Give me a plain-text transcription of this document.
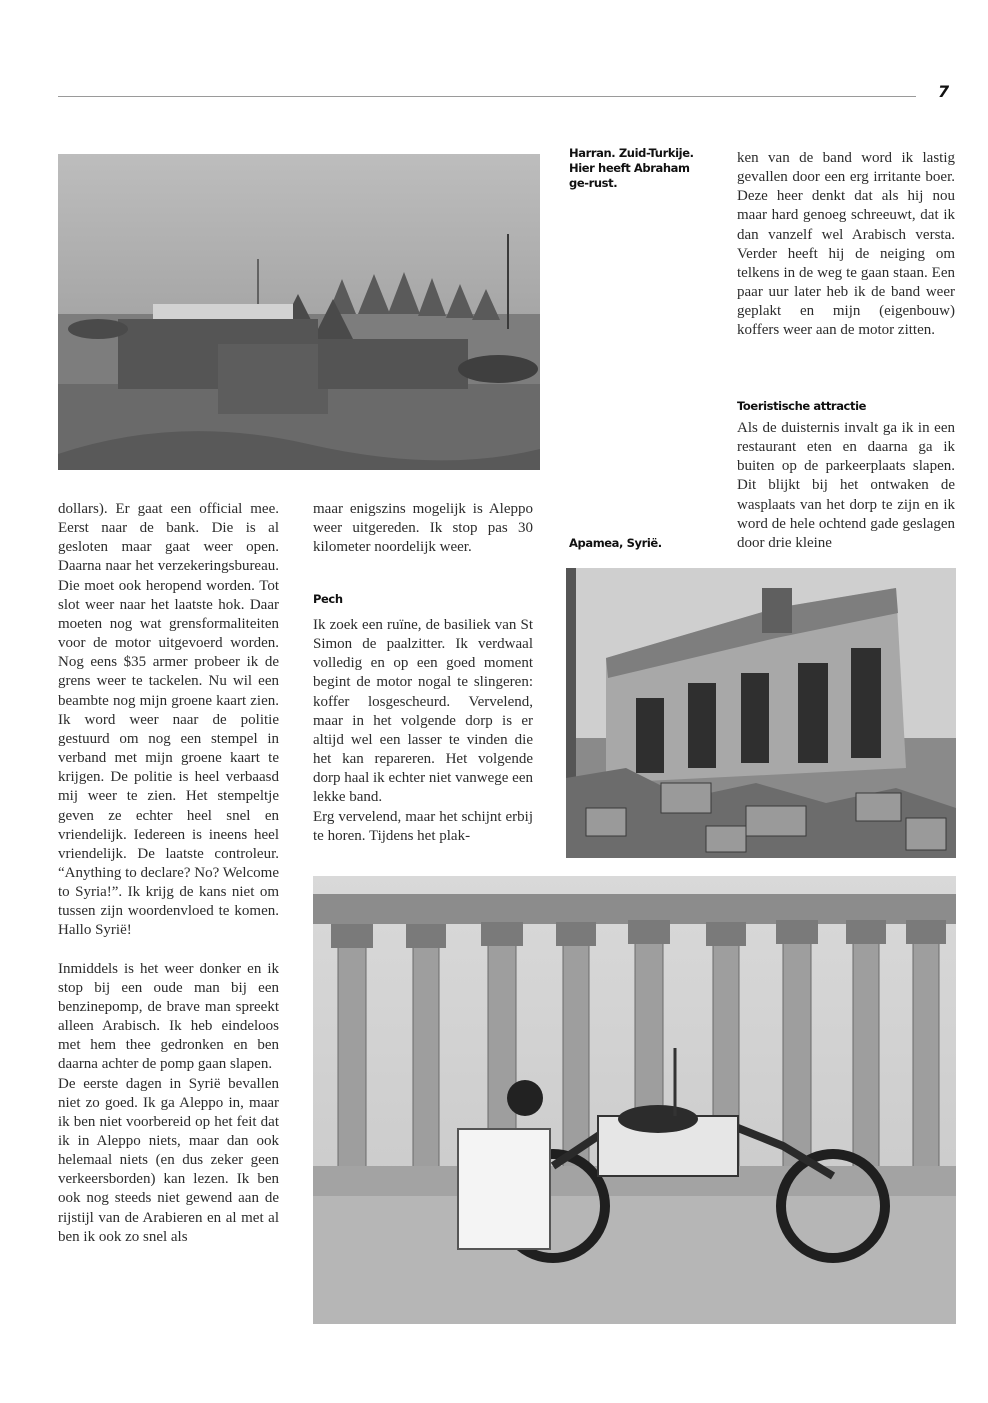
7
Harran. Zuid-Turkije. Hier heeft Abraham ge-rust.

ken van de band word ik lastig gevallen door een erg irritante boer. Deze heer denkt dat als hij nou maar hard genoeg schreeuwt, dat ik dan vanzelf wel Arabisch versta. Verder heeft hij de neiging om telkens in de weg te gaan staan. Een paar uur later heb ik de band weer geplakt en mijn (eigenbouw) koffers weer aan de motor zitten.

Toeristische attractie

Als de duisternis invalt ga ik in een restaurant eten en daarna ga ik buiten op de parkeerplaats slapen. Dit blijkt bij het ontwaken de wasplaats van het dorp te zijn en ik word de hele ochtend gade geslagen door drie kleine

Apamea, Syrië.

dollars). Er gaat een official mee. Eerst naar de bank. Die is al gesloten maar gaat weer open. Daarna naar het verzekeringsbureau. Die moet ook heropend worden. Tot slot weer naar het laatste hok. Daar moeten nog wat grensformaliteiten voor de motor uitgevoerd worden. Nog eens $35 armer probeer ik de grens weer te tackelen. Nu wil een beambte nog mijn groene kaart zien. Ik word weer naar de politie gestuurd om nog een stempel in verband met mijn groene kaart te krijgen. De politie is heel verbaasd mij weer te zien. Het stempeltje geven ze echter heel snel en vriendelijk. Iedereen is ineens heel vriendelijk. De laatste controleur. “Anything to declare? No? Welcome to Syria!”. Ik krijg de kans niet om tussen zijn woordenvloed te komen. Hallo Syrië!

Inmiddels is het weer donker en ik stop bij een oude man bij een benzinepomp, de brave man spreekt alleen Arabisch. Ik heb eindeloos met hem thee gedronken en ben daarna achter de pomp gaan slapen.

De eerste dagen in Syrië bevallen niet zo goed. Ik ga Aleppo in, maar ik ben niet voorbereid op het feit dat ik in Aleppo niets, maar dan ook helemaal niets (en dus zeker geen verkeersborden) kan lezen. Ik ben ook nog steeds niet gewend aan de rijstijl van de Arabieren en al met al ben ik ook zo snel als

maar enigszins mogelijk is Aleppo weer uitgereden. Ik stop pas 30 kilometer noordelijk weer.

Pech

Ik zoek een ruïne, de basiliek van St Simon de paalzitter. Ik verdwaal volledig en op een goed moment begint de motor nogal te slingeren: koffer losgescheurd. Vervelend, maar in het volgende dorp is er altijd wel een lasser te vinden die het kan repareren. Het volgende dorp haal ik echter niet vanwege een lekke band.

Erg vervelend, maar het schijnt erbij te horen. Tijdens het plak-
